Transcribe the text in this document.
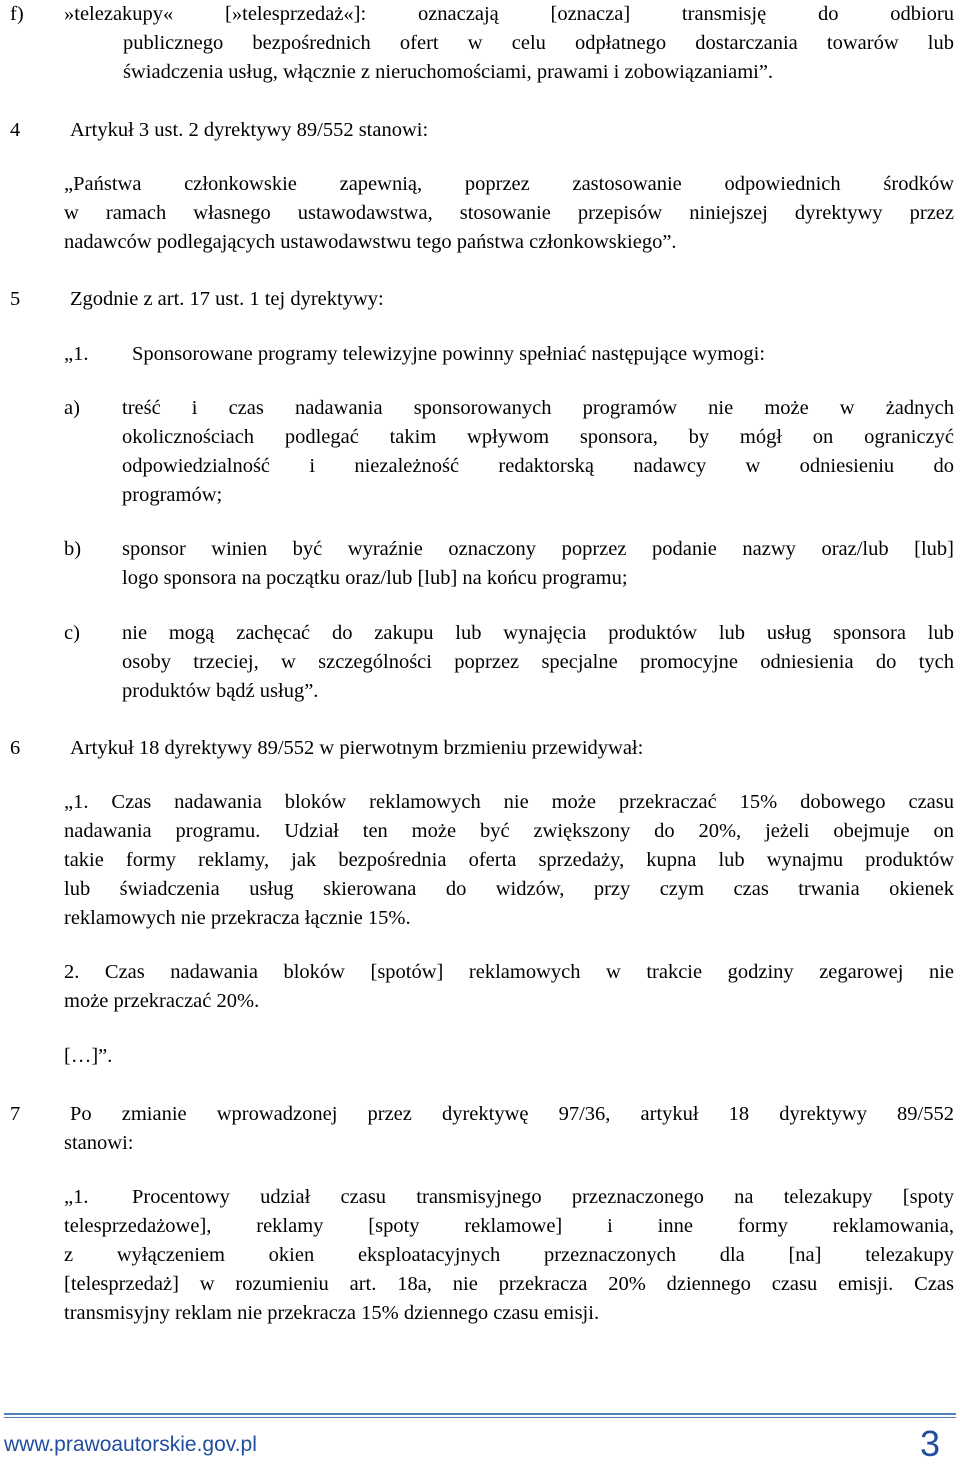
f) »telezakupy« [»telesprzedaż«]: oznaczają [oznacza] transmisję do odbioru
publicznego bezpośrednich ofert w celu odpłatnego dostarczania towarów lub
świadczenia usług, włącznie z nieruchomościami, prawami i zobowiązaniami”.
4 Artykuł 3 ust. 2 dyrektywy 89/552 stanowi:
„Państwa członkowskie zapewnią, poprzez zastosowanie odpowiednich środków
w ramach własnego ustawodawstwa, stosowanie przepisów niniejszej dyrektywy przez
nadawców podlegających ustawodawstwu tego państwa członkowskiego”.
5 Zgodnie z art. 17 ust. 1 tej dyrektywy:
„1. Sponsorowane programy telewizyjne powinny spełniać następujące wymogi:
a) treść i czas nadawania sponsorowanych programów nie może w żadnych
okolicznościach podlegać takim wpływom sponsora, by mógł on ograniczyć
odpowiedzialność i niezależność redaktorską nadawcy w odniesieniu do
programów;
b) sponsor winien być wyraźnie oznaczony poprzez podanie nazwy oraz/lub [lub]
logo sponsora na początku oraz/lub [lub] na końcu programu;
c) nie mogą zachęcać do zakupu lub wynajęcia produktów lub usług sponsora lub
osoby trzeciej, w szczególności poprzez specjalne promocyjne odniesienia do tych
produktów bądź usług”.
6 Artykuł 18 dyrektywy 89/552 w pierwotnym brzmieniu przewidywał:
„1. Czas nadawania bloków reklamowych nie może przekraczać 15% dobowego czasu
nadawania programu. Udział ten może być zwiększony do 20%, jeżeli obejmuje on
takie formy reklamy, jak bezpośrednia oferta sprzedaży, kupna lub wynajmu produktów
lub świadczenia usług skierowana do widzów, przy czym czas trwania okienek
reklamowych nie przekracza łącznie 15%.
2. Czas nadawania bloków [spotów] reklamowych w trakcie godziny zegarowej nie
może przekraczać 20%.
[…]”.
7 Po zmianie wprowadzonej przez dyrektywę 97/36, artykuł 18 dyrektywy 89/552
stanowi:
„1. Procentowy udział czasu transmisyjnego przeznaczonego na telezakupy [spoty
telesprzedażowe], reklamy [spoty reklamowe] i inne formy reklamowania,
z wyłączeniem okien eksploatacyjnych przeznaczonych dla [na] telezakupy
[telesprzedaż] w rozumieniu art. 18a, nie przekracza 20% dziennego czasu emisji. Czas
transmisyjny reklam nie przekracza 15% dziennego czasu emisji.
www.prawoautorskie.gov.pl	3
